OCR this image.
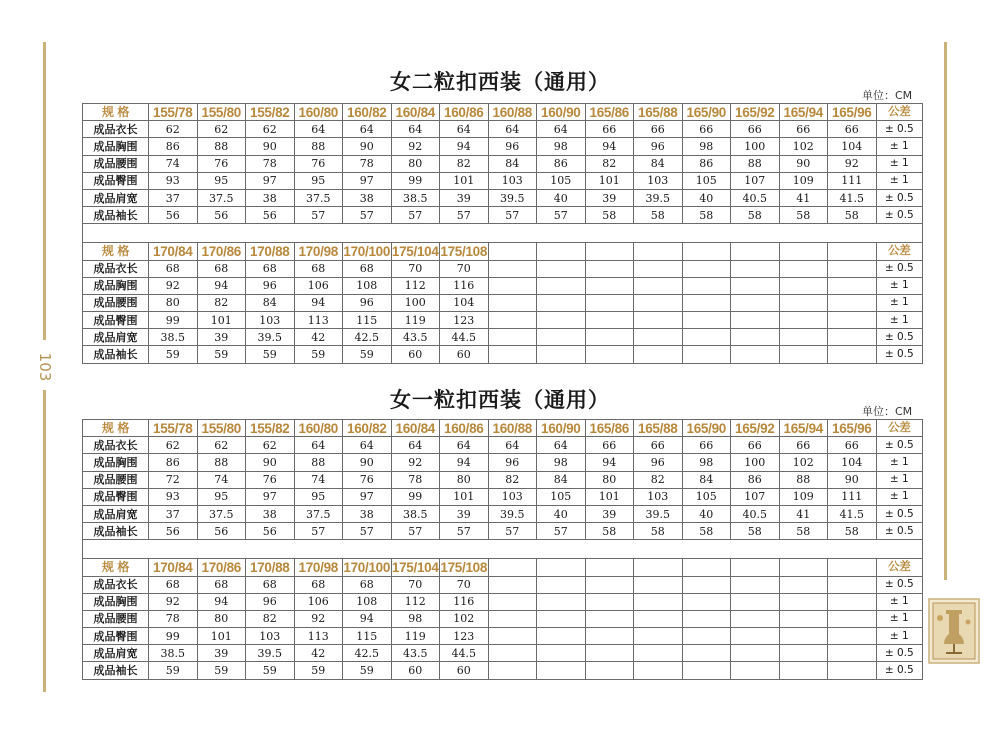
103
女二粒扣西装（通用）
单位：CM
规 格	155/78	155/80	155/82	160/80	160/82	160/84	160/86	160/88	160/90	165/86	165/88	165/90	165/92	165/94	165/96	公差
成品衣长	62	62	62	64	64	64	64	64	64	66	66	66	66	66	66	± 0.5
成品胸围	86	88	90	88	90	92	94	96	98	94	96	98	100	102	104	± 1
成品腰围	74	76	78	76	78	80	82	84	86	82	84	86	88	90	92	± 1
成品臀围	93	95	97	95	97	99	101	103	105	101	103	105	107	109	111	± 1
成品肩宽	37	37.5	38	37.5	38	38.5	39	39.5	40	39	39.5	40	40.5	41	41.5	± 0.5
成品袖长	56	56	56	57	57	57	57	57	57	58	58	58	58	58	58	± 0.5

规 格	170/84	170/86	170/88	170/98	170/100	175/104	175/108									公差
成品衣长	68	68	68	68	68	70	70									± 0.5
成品胸围	92	94	96	106	108	112	116									± 1
成品腰围	80	82	84	94	96	100	104									± 1
成品臀围	99	101	103	113	115	119	123									± 1
成品肩宽	38.5	39	39.5	42	42.5	43.5	44.5									± 0.5
成品袖长	59	59	59	59	59	60	60									± 0.5
女一粒扣西装（通用）	单位：CM
规 格	155/78	155/80	155/82	160/80	160/82	160/84	160/86	160/88	160/90	165/86	165/88	165/90	165/92	165/94	165/96	公差
成品衣长	62	62	62	64	64	64	64	64	64	66	66	66	66	66	66	± 0.5
成品胸围	86	88	90	88	90	92	94	96	98	94	96	98	100	102	104	± 1
成品腰围	72	74	76	74	76	78	80	82	84	80	82	84	86	88	90	± 1
成品臀围	93	95	97	95	97	99	101	103	105	101	103	105	107	109	111	± 1
成品肩宽	37	37.5	38	37.5	38	38.5	39	39.5	40	39	39.5	40	40.5	41	41.5	± 0.5
成品袖长	56	56	56	57	57	57	57	57	57	58	58	58	58	58	58	± 0.5

规 格	170/84	170/86	170/88	170/98	170/100	175/104	175/108									公差
成品衣长	68	68	68	68	68	70	70									± 0.5
成品胸围	92	94	96	106	108	112	116									± 1
成品腰围	78	80	82	92	94	98	102									± 1
成品臀围	99	101	103	113	115	119	123									± 1
成品肩宽	38.5	39	39.5	42	42.5	43.5	44.5									± 0.5
成品袖长	59	59	59	59	59	60	60									± 0.5
